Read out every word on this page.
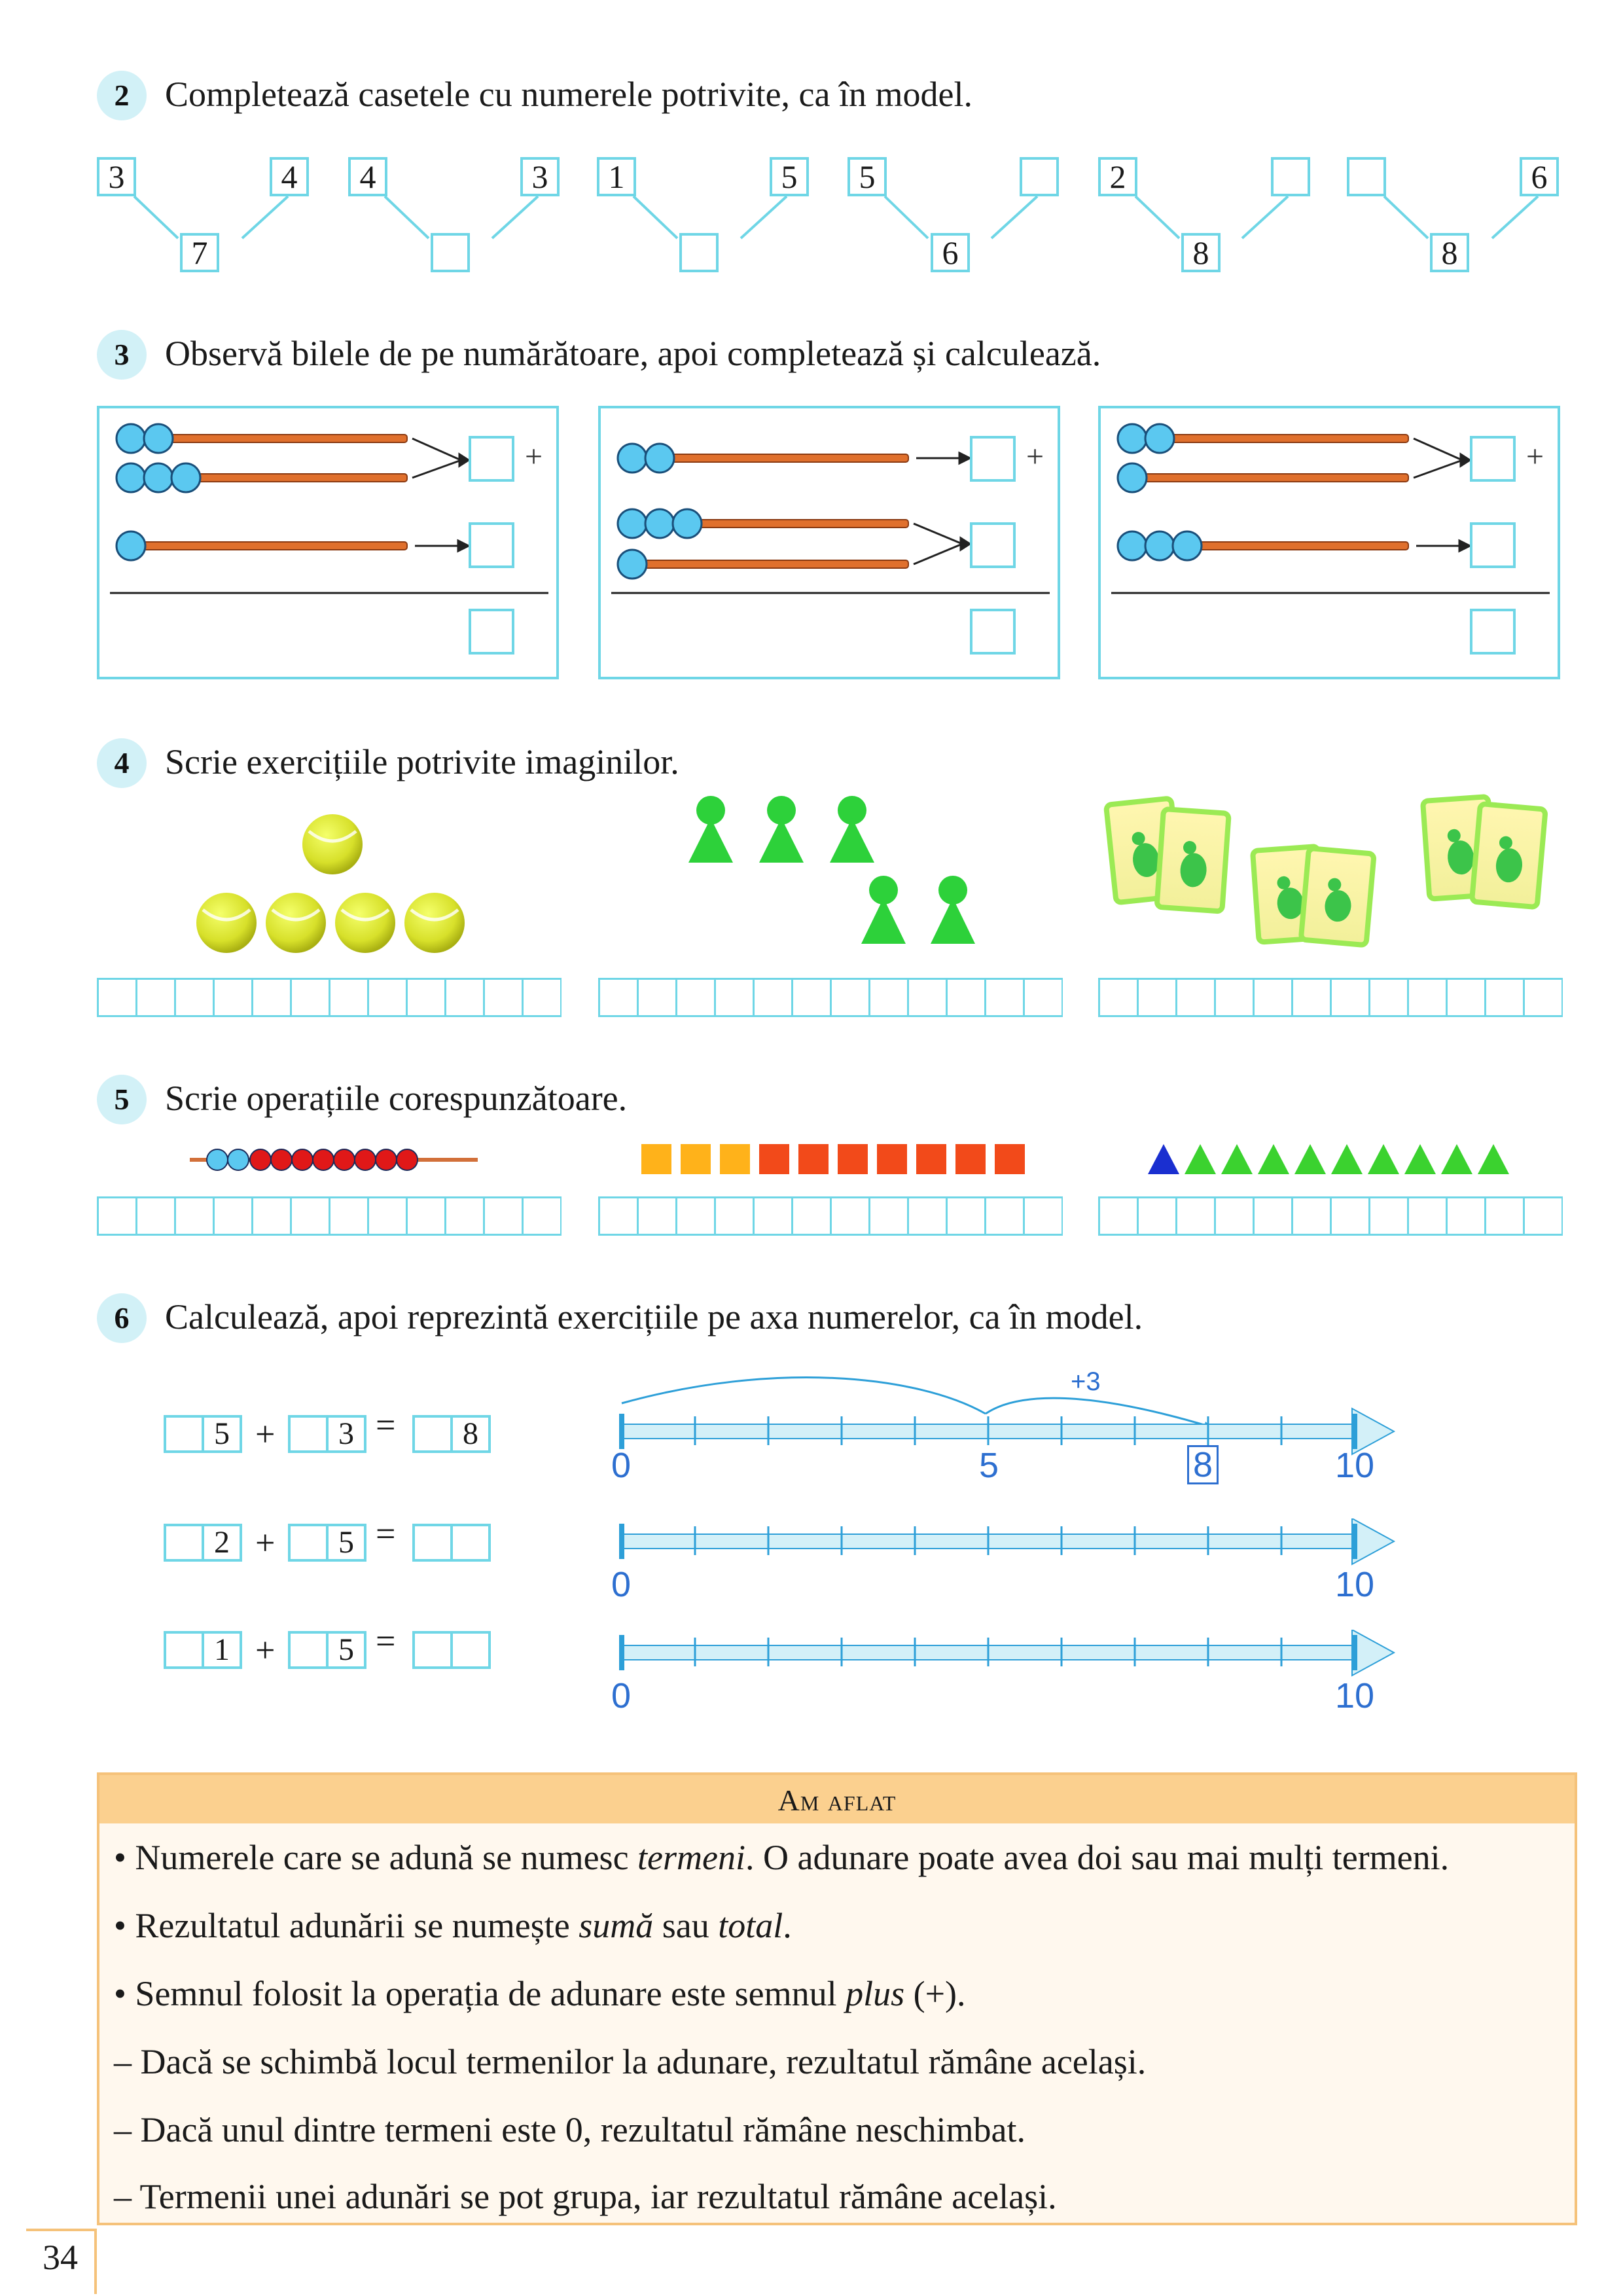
2	Completează casetele cu numerele potrivite, ca în model.
3	4
7
4	3	1	5	5
6
2
8
6
8
3	Observă bilele de pe numărătoare, apoi completează și calculează.
+	+	+
4	Scrie exercițiile potrivite imaginilor.
5	Scrie operațiile corespunzătoare.
6	Calculează, apoi reprezintă exercițiile pe axa numerelor, ca în model.
5 +	3 =	8
2 +	5 =
1 +	5 =
+3
0	5	8	10
0	10
0	10
Am aflat
• Numerele care se adună se numesc termeni. O adunare poate avea doi sau mai mulți termeni.
• Rezultatul adunării se numește sumă sau total.
• Semnul folosit la operația de adunare este semnul plus (+).
– Dacă se schimbă locul termenilor la adunare, rezultatul rămâne același.
– Dacă unul dintre termeni este 0, rezultatul rămâne neschimbat.
– Termenii unei adunări se pot grupa, iar rezultatul rămâne același.
34
